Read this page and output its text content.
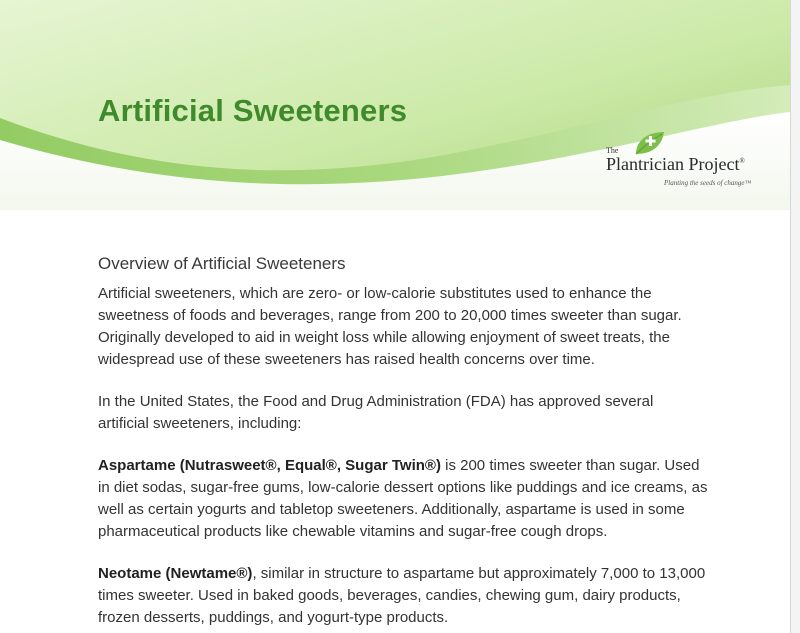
Artificial Sweeteners
The
Plantrician Project®
Planting the seeds of change™
Overview of Artificial Sweeteners

Artificial sweeteners, which are zero- or low-calorie substitutes used to enhance the sweetness of foods and beverages, range from 200 to 20,000 times sweeter than sugar. Originally developed to aid in weight loss while allowing enjoyment of sweet treats, the widespread use of these sweeteners has raised health concerns over time.

In the United States, the Food and Drug Administration (FDA) has approved several artificial sweeteners, including:

Aspartame (Nutrasweet®, Equal®, Sugar Twin®) is 200 times sweeter than sugar. Used in diet sodas, sugar-free gums, low-calorie dessert options like puddings and ice creams, as well as certain yogurts and tabletop sweeteners. Additionally, aspartame is used in some pharmaceutical products like chewable vitamins and sugar-free cough drops.

Neotame (Newtame®), similar in structure to aspartame but approximately 7,000 to 13,000 times sweeter. Used in baked goods, beverages, candies, chewing gum, dairy products, frozen desserts, puddings, and yogurt-type products.
